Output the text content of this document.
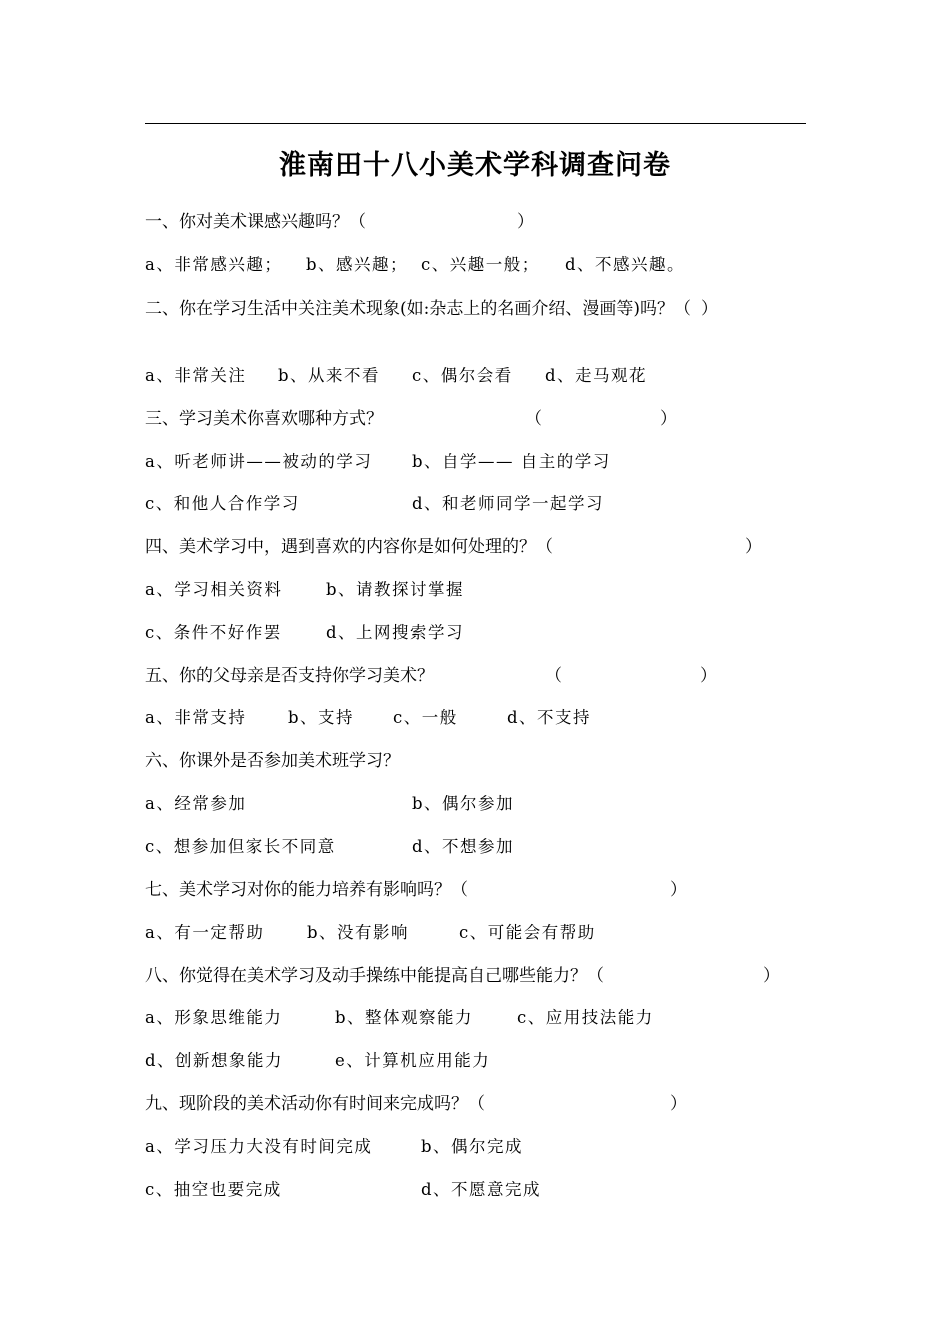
淮南田十八小美术学科调查问卷
一、你对美术课感兴趣吗？（	）
a、非常感兴趣； b、感兴趣； c、兴趣一般； d、不感兴趣。
二、你在学习生活中关注美术现象(如:杂志上的名画介绍、漫画等)吗？（ ）
a、非常关注 b、从来不看 c、偶尔会看 d、走马观花
三、学习美术你喜欢哪种方式？	（	）
a、听老师讲——被动的学习 b、自学—— 自主的学习
c、和他人合作学习	d、和老师同学一起学习
四、美术学习中，遇到喜欢的内容你是如何处理的？（	）
a、学习相关资料	b、请教探讨掌握
c、条件不好作罢	d、上网搜索学习
五、你的父母亲是否支持你学习美术？	（	）
a、非常支持	b、支持 c、一般	d、不支持
六、你课外是否参加美术班学习？
a、经常参加	b、偶尔参加
c、想参加但家长不同意	d、不想参加
七、美术学习对你的能力培养有影响吗？（	）
a、有一定帮助	b、没有影响	c、可能会有帮助
八、你觉得在美术学习及动手操练中能提高自己哪些能力？（	）
a、形象思维能力	b、整体观察能力	c、应用技法能力
d、创新想象能力	e、计算机应用能力
九、现阶段的美术活动你有时间来完成吗？（	）
a、学习压力大没有时间完成	b、偶尔完成
c、抽空也要完成	d、不愿意完成
